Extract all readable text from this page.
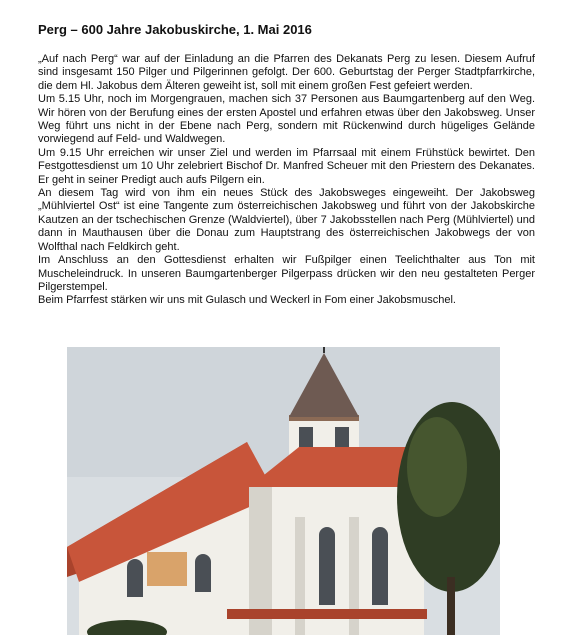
Perg – 600 Jahre Jakobuskirche, 1. Mai 2016

„Auf nach Perg“ war auf der Einladung an die Pfarren des Dekanats Perg zu lesen. Diesem Aufruf sind insgesamt 150 Pilger und Pilgerinnen gefolgt. Der 600. Geburtstag der Perger Stadtpfarrkirche, die dem Hl. Jakobus dem Älteren geweiht ist, soll mit einem großen Fest gefeiert werden.

Um 5.15 Uhr, noch im Morgengrauen, machen sich 37 Personen aus Baumgartenberg auf den Weg. Wir hören von der Berufung eines der ersten Apostel und erfahren etwas über den Jakobsweg. Unser Weg führt uns nicht in der Ebene nach Perg, sondern mit Rückenwind durch hügeliges Gelände vorwiegend auf Feld- und Waldwegen.

Um 9.15 Uhr erreichen wir unser Ziel und werden im Pfarrsaal mit einem Frühstück bewirtet. Den Festgottesdienst um 10 Uhr zelebriert Bischof Dr. Manfred Scheuer mit den Priestern des Dekanates. Er geht in seiner Predigt auch aufs Pilgern ein.

An diesem Tag wird von ihm ein neues Stück des Jakobsweges eingeweiht. Der Jakobsweg „Mühlviertel Ost“ ist eine Tangente zum österreichischen Jakobsweg und führt von der Jakobskirche Kautzen an der tschechischen Grenze (Waldviertel), über 7 Jakobsstellen nach Perg (Mühlviertel) und dann in Mauthausen über die Donau zum Hauptstrang des österreichischen Jakobwegs der von Wolfthal nach Feldkirch geht.

Im Anschluss an den Gottesdienst erhalten wir Fußpilger einen Teelichthalter aus Ton mit Muscheleindruck. In unseren Baumgartenberger Pilgerpass drücken wir den neu gestalteten Perger Pilgerstempel.

Beim Pfarrfest stärken wir uns mit Gulasch und Weckerl in Fom einer Jakobsmuschel.
